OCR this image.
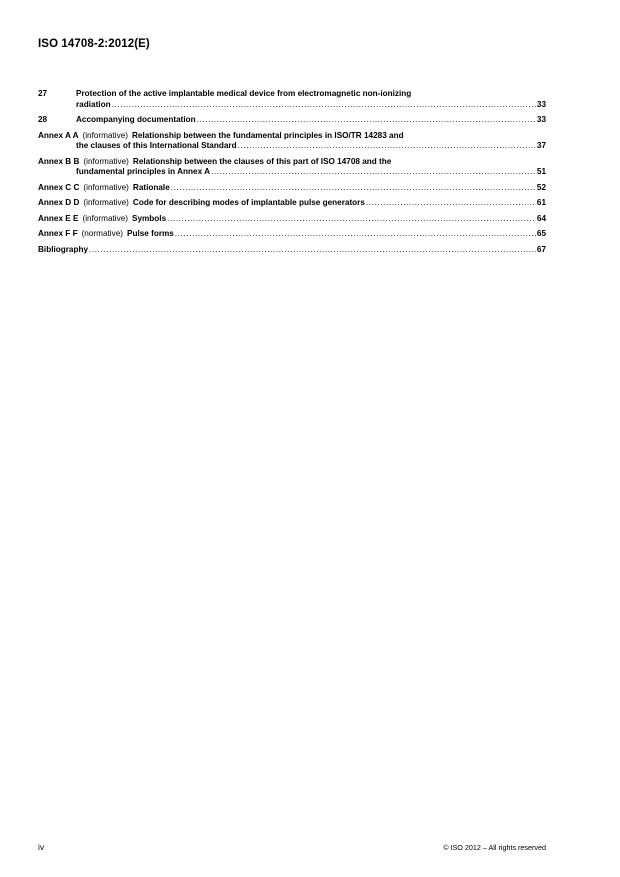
ISO 14708-2:2012(E)
27	Protection of the active implantable medical device from electromagnetic non-ionizing
radiation .....	33
28	Accompanying documentation .....	33
Annex A A (informative) Relationship between the fundamental principles in ISO/TR 14283 and
the clauses of this International Standard .....	37
Annex B B (informative) Relationship between the clauses of this part of ISO 14708 and the
fundamental principles in Annex A .....	51
Annex C C (informative) Rationale .....	52
Annex D D (informative) Code for describing modes of implantable pulse generators .....	61
Annex E E (informative) Symbols .....	64
Annex F F (normative) Pulse forms .....	65
Bibliography .....	67
iv	© ISO 2012 – All rights reserved
